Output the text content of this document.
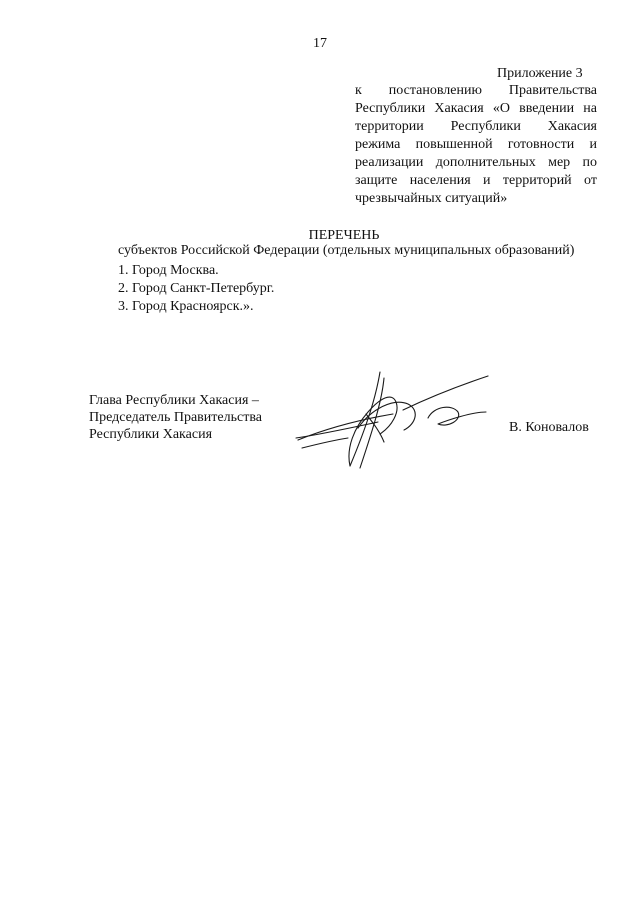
17
Приложение 3
к постановлению Правительства
Республики Хакасия «О введении на
территории Республики Хакасия
режима повышенной готовности и
реализации дополнительных мер по
защите населения и территорий от
чрезвычайных ситуаций»
ПЕРЕЧЕНЬ
субъектов Российской Федерации (отдельных муниципальных образований)
1. Город Москва.
2. Город Санкт-Петербург.
3. Город Красноярск.».
Глава Республики Хакасия –
Председатель Правительства
Республики Хакасия	В. Коновалов
